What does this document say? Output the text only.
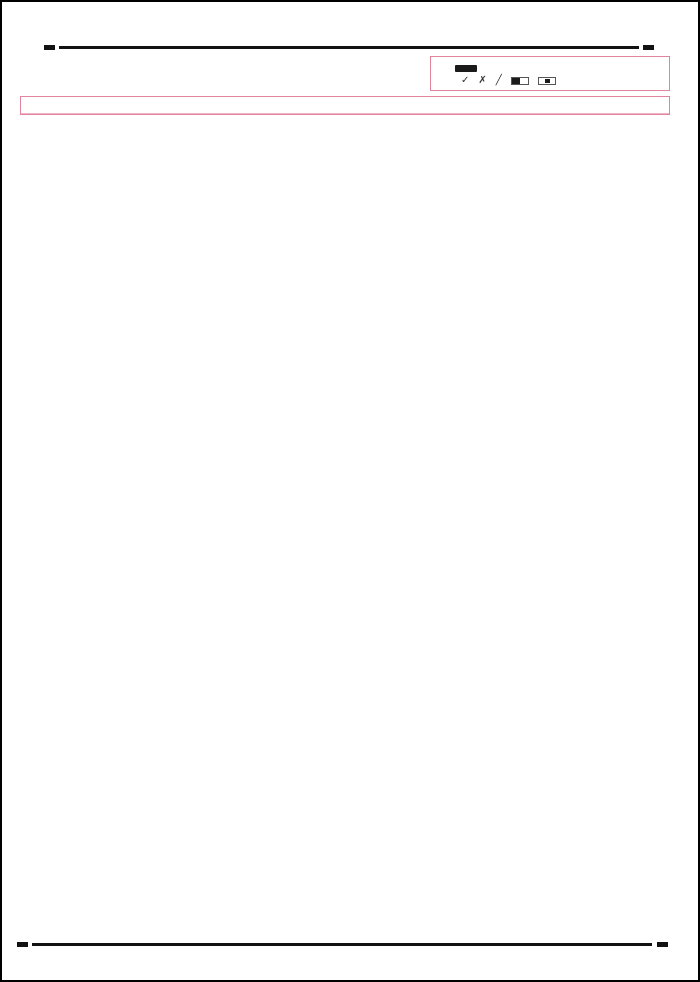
✓ ✗ ╱
